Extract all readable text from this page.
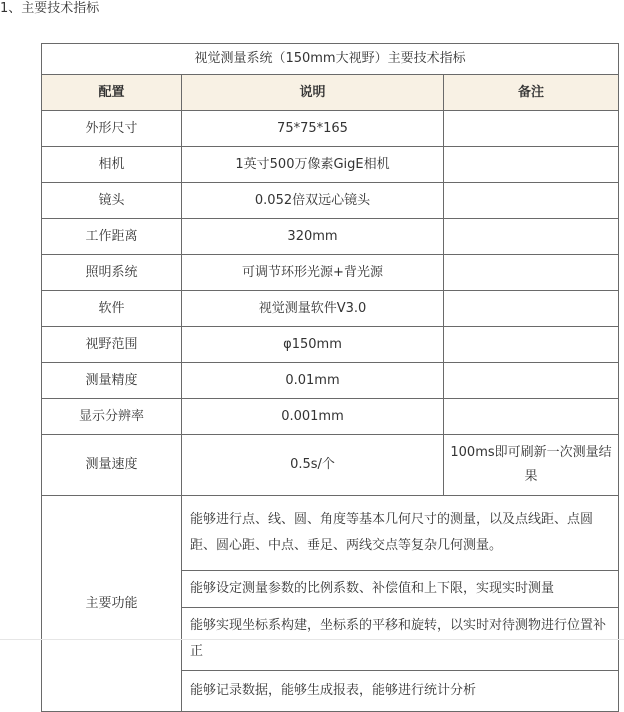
1、主要技术指标
视觉测量系统（150mm大视野）主要技术指标		
配置	说明	备注
外形尺寸	75*75*165	
相机	1英寸500万像素GigE相机	
镜头	0.052倍双远心镜头	
工作距离	320mm	
照明系统	可调节环形光源+背光源	
软件	视觉测量软件V3.0	
视野范围	φ150mm	
测量精度	0.01mm	
显示分辨率	0.001mm	
测量速度	0.5s/个	100ms即可刷新一次测量结果
主要功能	能够进行点、线、圆、角度等基本几何尺寸的测量，以及点线距、点圆距、圆心距、中点、垂足、两线交点等复杂几何测量。	
	能够设定测量参数的比例系数、补偿值和上下限，实现实时测量	
	能够实现坐标系构建，坐标系的平移和旋转，以实时对待测物进行位置补正	
	能够记录数据，能够生成报表，能够进行统计分析	
